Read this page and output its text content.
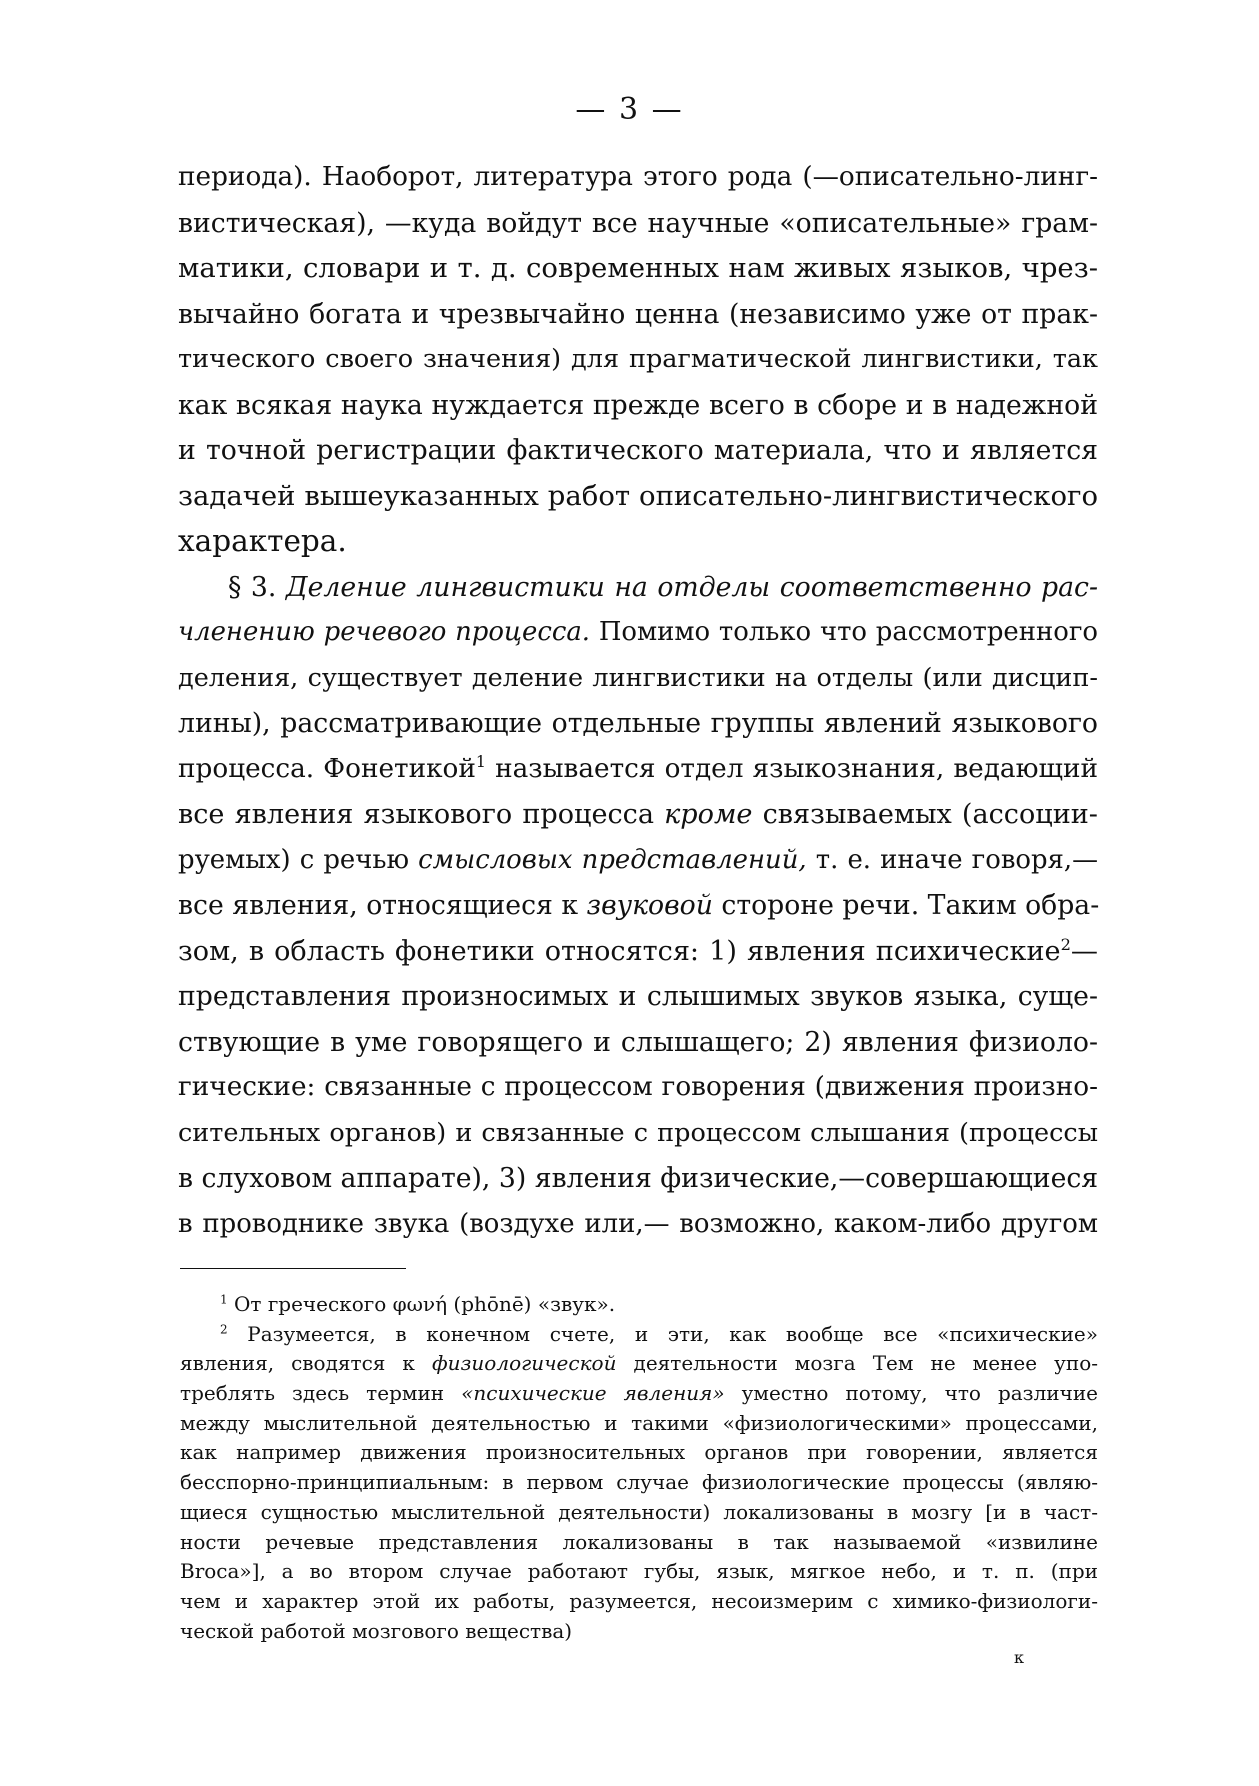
— 3 —
периода). Наоборот, литература этого рода (—описательно-линг-
вистическая), —куда войдут все научные «описательные» грам-
матики, словари и т. д. современных нам живых языков, чрез-
вычайно богата и чрезвычайно ценна (независимо уже от прак-
тического своего значения) для прагматической лингвистики, так
как всякая наука нуждается прежде всего в сборе и в надежной
и точной регистрации фактического материала, что и является
задачей вышеуказанных работ описательно-лингвистического
характера.
§ 3. Деление лингвистики на отделы соответственно рас-
членению речевого процесса. Помимо только что рассмотренного
деления, существует деление лингвистики на отделы (или дисцип-
лины), рассматривающие отдельные группы явлений языкового
процесса. Фонетикой$^1$ называется отдел языкознания, ведающий
все явления языкового процесса кроме связываемых (ассоции-
руемых) с речью смысловых представлений, т. е. иначе говоря,—
все явления, относящиеся к звуковой стороне речи. Таким обра-
зом, в область фонетики относятся: 1) явления психические$^2$—
представления произносимых и слышимых звуков языка, суще-
ствующие в уме говорящего и слышащего; 2) явления физиоло-
гические: связанные с процессом говорения (движения произно-
сительных органов) и связанные с процессом слышания (процессы
в слуховом аппарате), 3) явления физические,—совершающиеся
в проводнике звука (воздухе или,— возможно, каком-либо другом
$^1$ От греческого φωνή (phōnē) «звук».
$^2$ Разумеется, в конечном счете, и эти, как вообще все «психические»
явления, сводятся к физиологической деятельности мозга Тем не менее упо-
треблять здесь термин «психические явления» уместно потому, что различие
между мыслительной деятельностью и такими «физиологическими» процессами,
как например движения произносительных органов при говорении, является
бесспорно-принципиальным: в первом случае физиологические процессы (являю-
щиеся сущностью мыслительной деятельности) локализованы в мозгу [и в част-
ности речевые представления локализованы в так называемой «извилине
Broca»], а во втором случае работают губы, язык, мягкое небо, и т. п. (при
чем и характер этой их работы, разумеется, несоизмерим с химико-физиологи-
ческой работой мозгового вещества)
к
